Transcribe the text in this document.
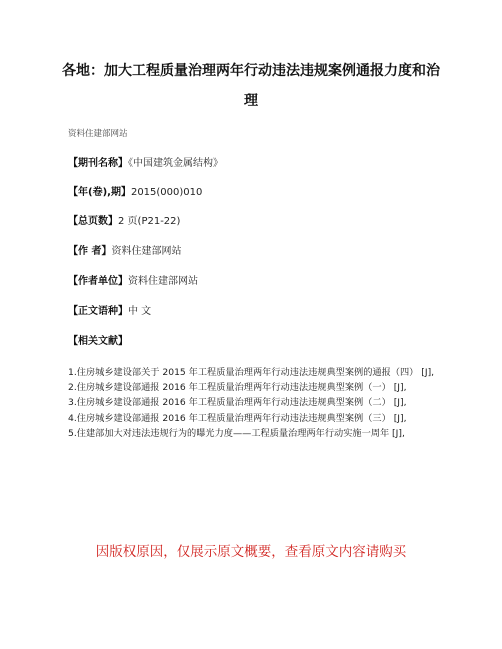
各地：加大工程质量治理两年行动违法违规案例通报力度和治理
资料住建部网站
【期刊名称】《中国建筑金属结构》
【年(卷),期】2015(000)010
【总页数】2 页(P21-22)
【作 者】资料住建部网站
【作者单位】资料住建部网站
【正文语种】中 文
【相关文献】

1.住房城乡建设部关于 2015 年工程质量治理两年行动违法违规典型案例的通报（四） [J],

2.住房城乡建设部通报 2016 年工程质量治理两年行动违法违规典型案例（一） [J],

3.住房城乡建设部通报 2016 年工程质量治理两年行动违法违规典型案例（二） [J],

4.住房城乡建设部通报 2016 年工程质量治理两年行动违法违规典型案例（三） [J],

5.住建部加大对违法违规行为的曝光力度——工程质量治理两年行动实施一周年 [J],

因版权原因，仅展示原文概要，查看原文内容请购买
